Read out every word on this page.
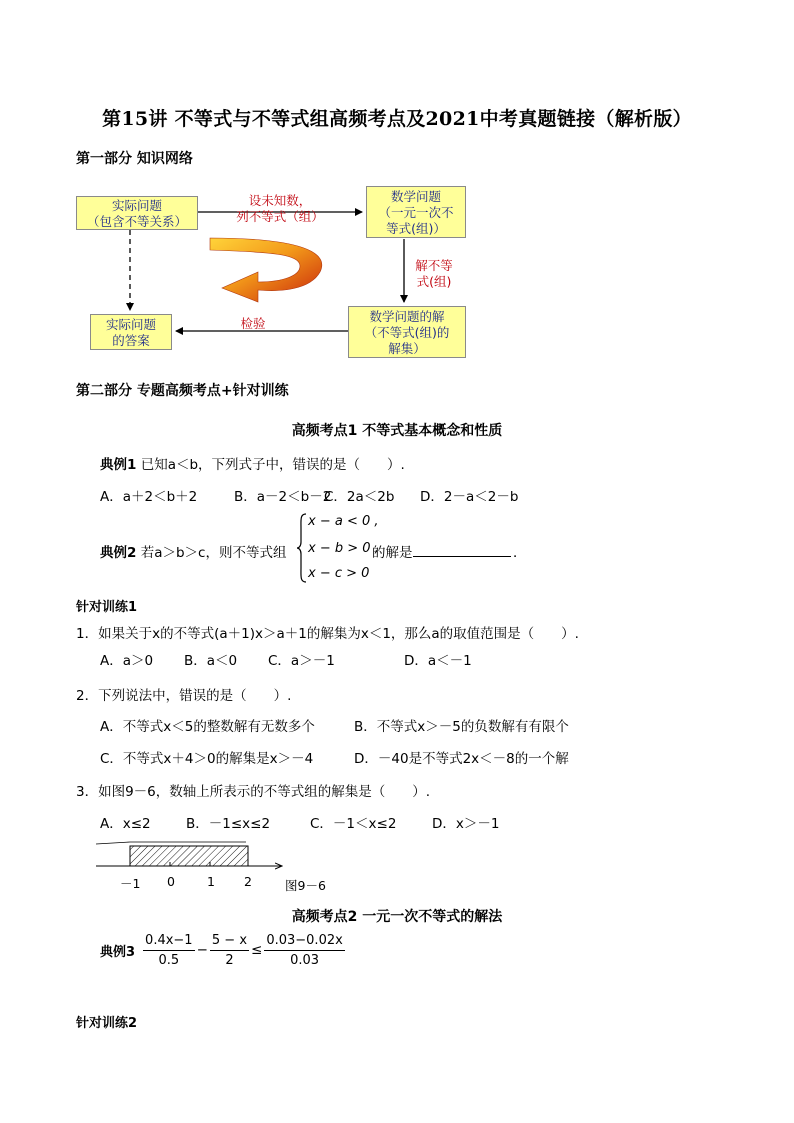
第15讲 不等式与不等式组高频考点及2021中考真题链接（解析版）
第一部分 知识网络
实际问题
（包含不等关系）
数学问题
（一元一次不
等式(组)）
数学问题的解
（不等式(组)的
解集）
实际问题
的答案
设未知数，
列不等式（组）
解不等
式(组)
检验
第二部分 专题高频考点+针对训练
高频考点1 不等式基本概念和性质
典例1 已知a＜b，下列式子中，错误的是（　　）.
A．a＋2＜b＋2	B．a－2＜b－2
C．2a＜2b D．2－a＜2－b
典例2 若a＞b＞c，则不等式组
x − a < 0 ,
x − b > 0 ,
x − c > 0
的解是	．
针对训练1
1．如果关于x的不等式(a＋1)x＞a＋1的解集为x＜1，那么a的取值范围是（　　）.
A．a＞0 B．a＜0 C．a＞－1	D．a＜－1
2．下列说法中，错误的是（　　）.
A．不等式x＜5的整数解有无数多个	B．不等式x＞－5的负数解有有限个
C．不等式x＋4＞0的解集是x＞－4	D．－40是不等式2x＜－8的一个解
3．如图9－6，数轴上所表示的不等式组的解集是（　　）.
A．x≤2	B．－1≤x≤2	C．－1＜x≤2	D．x＞－1
－1 0	1 2	图9－6
高频考点2 一元一次不等式的解法
典例$3 \frac{0.4x-1}{0.5} - \frac{5 - x}{2} \le \frac{0.03-0.02x}{0.03}$
针对训练2
